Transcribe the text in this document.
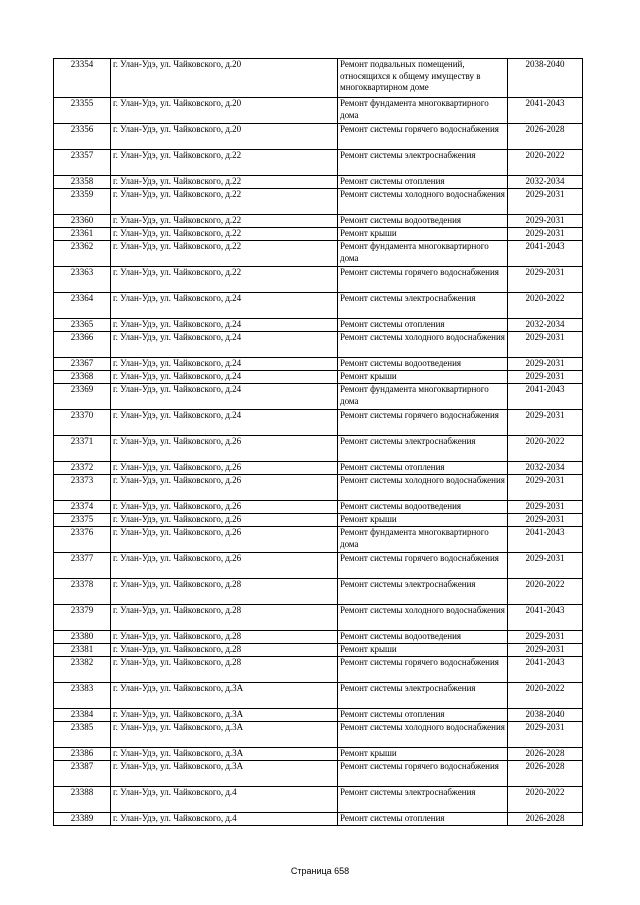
23354	г. Улан-Удэ, ул. Чайковского, д.20	Ремонт подвальных помещений, относящихся к общему имуществу в многоквартирном доме	2038-2040
23355	г. Улан-Удэ, ул. Чайковского, д.20	Ремонт фундамента многоквартирного дома	2041-2043
23356	г. Улан-Удэ, ул. Чайковского, д.20	Ремонт системы горячего водоснабжения	2026-2028
23357	г. Улан-Удэ, ул. Чайковского, д.22	Ремонт системы электроснабжения	2020-2022
23358	г. Улан-Удэ, ул. Чайковского, д.22	Ремонт системы отопления	2032-2034
23359	г. Улан-Удэ, ул. Чайковского, д.22	Ремонт системы холодного водоснабжения	2029-2031
23360	г. Улан-Удэ, ул. Чайковского, д.22	Ремонт системы водоотведения	2029-2031
23361	г. Улан-Удэ, ул. Чайковского, д.22	Ремонт крыши	2029-2031
23362	г. Улан-Удэ, ул. Чайковского, д.22	Ремонт фундамента многоквартирного дома	2041-2043
23363	г. Улан-Удэ, ул. Чайковского, д.22	Ремонт системы горячего водоснабжения	2029-2031
23364	г. Улан-Удэ, ул. Чайковского, д.24	Ремонт системы электроснабжения	2020-2022
23365	г. Улан-Удэ, ул. Чайковского, д.24	Ремонт системы отопления	2032-2034
23366	г. Улан-Удэ, ул. Чайковского, д.24	Ремонт системы холодного водоснабжения	2029-2031
23367	г. Улан-Удэ, ул. Чайковского, д.24	Ремонт системы водоотведения	2029-2031
23368	г. Улан-Удэ, ул. Чайковского, д.24	Ремонт крыши	2029-2031
23369	г. Улан-Удэ, ул. Чайковского, д.24	Ремонт фундамента многоквартирного дома	2041-2043
23370	г. Улан-Удэ, ул. Чайковского, д.24	Ремонт системы горячего водоснабжения	2029-2031
23371	г. Улан-Удэ, ул. Чайковского, д.26	Ремонт системы электроснабжения	2020-2022
23372	г. Улан-Удэ, ул. Чайковского, д.26	Ремонт системы отопления	2032-2034
23373	г. Улан-Удэ, ул. Чайковского, д.26	Ремонт системы холодного водоснабжения	2029-2031
23374	г. Улан-Удэ, ул. Чайковского, д.26	Ремонт системы водоотведения	2029-2031
23375	г. Улан-Удэ, ул. Чайковского, д.26	Ремонт крыши	2029-2031
23376	г. Улан-Удэ, ул. Чайковского, д.26	Ремонт фундамента многоквартирного дома	2041-2043
23377	г. Улан-Удэ, ул. Чайковского, д.26	Ремонт системы горячего водоснабжения	2029-2031
23378	г. Улан-Удэ, ул. Чайковского, д.28	Ремонт системы электроснабжения	2020-2022
23379	г. Улан-Удэ, ул. Чайковского, д.28	Ремонт системы холодного водоснабжения	2041-2043
23380	г. Улан-Удэ, ул. Чайковского, д.28	Ремонт системы водоотведения	2029-2031
23381	г. Улан-Удэ, ул. Чайковского, д.28	Ремонт крыши	2029-2031
23382	г. Улан-Удэ, ул. Чайковского, д.28	Ремонт системы горячего водоснабжения	2041-2043
23383	г. Улан-Удэ, ул. Чайковского, д.3А	Ремонт системы электроснабжения	2020-2022
23384	г. Улан-Удэ, ул. Чайковского, д.3А	Ремонт системы отопления	2038-2040
23385	г. Улан-Удэ, ул. Чайковского, д.3А	Ремонт системы холодного водоснабжения	2029-2031
23386	г. Улан-Удэ, ул. Чайковского, д.3А	Ремонт крыши	2026-2028
23387	г. Улан-Удэ, ул. Чайковского, д.3А	Ремонт системы горячего водоснабжения	2026-2028
23388	г. Улан-Удэ, ул. Чайковского, д.4	Ремонт системы электроснабжения	2020-2022
23389	г. Улан-Удэ, ул. Чайковского, д.4	Ремонт системы отопления	2026-2028
Страница 658
